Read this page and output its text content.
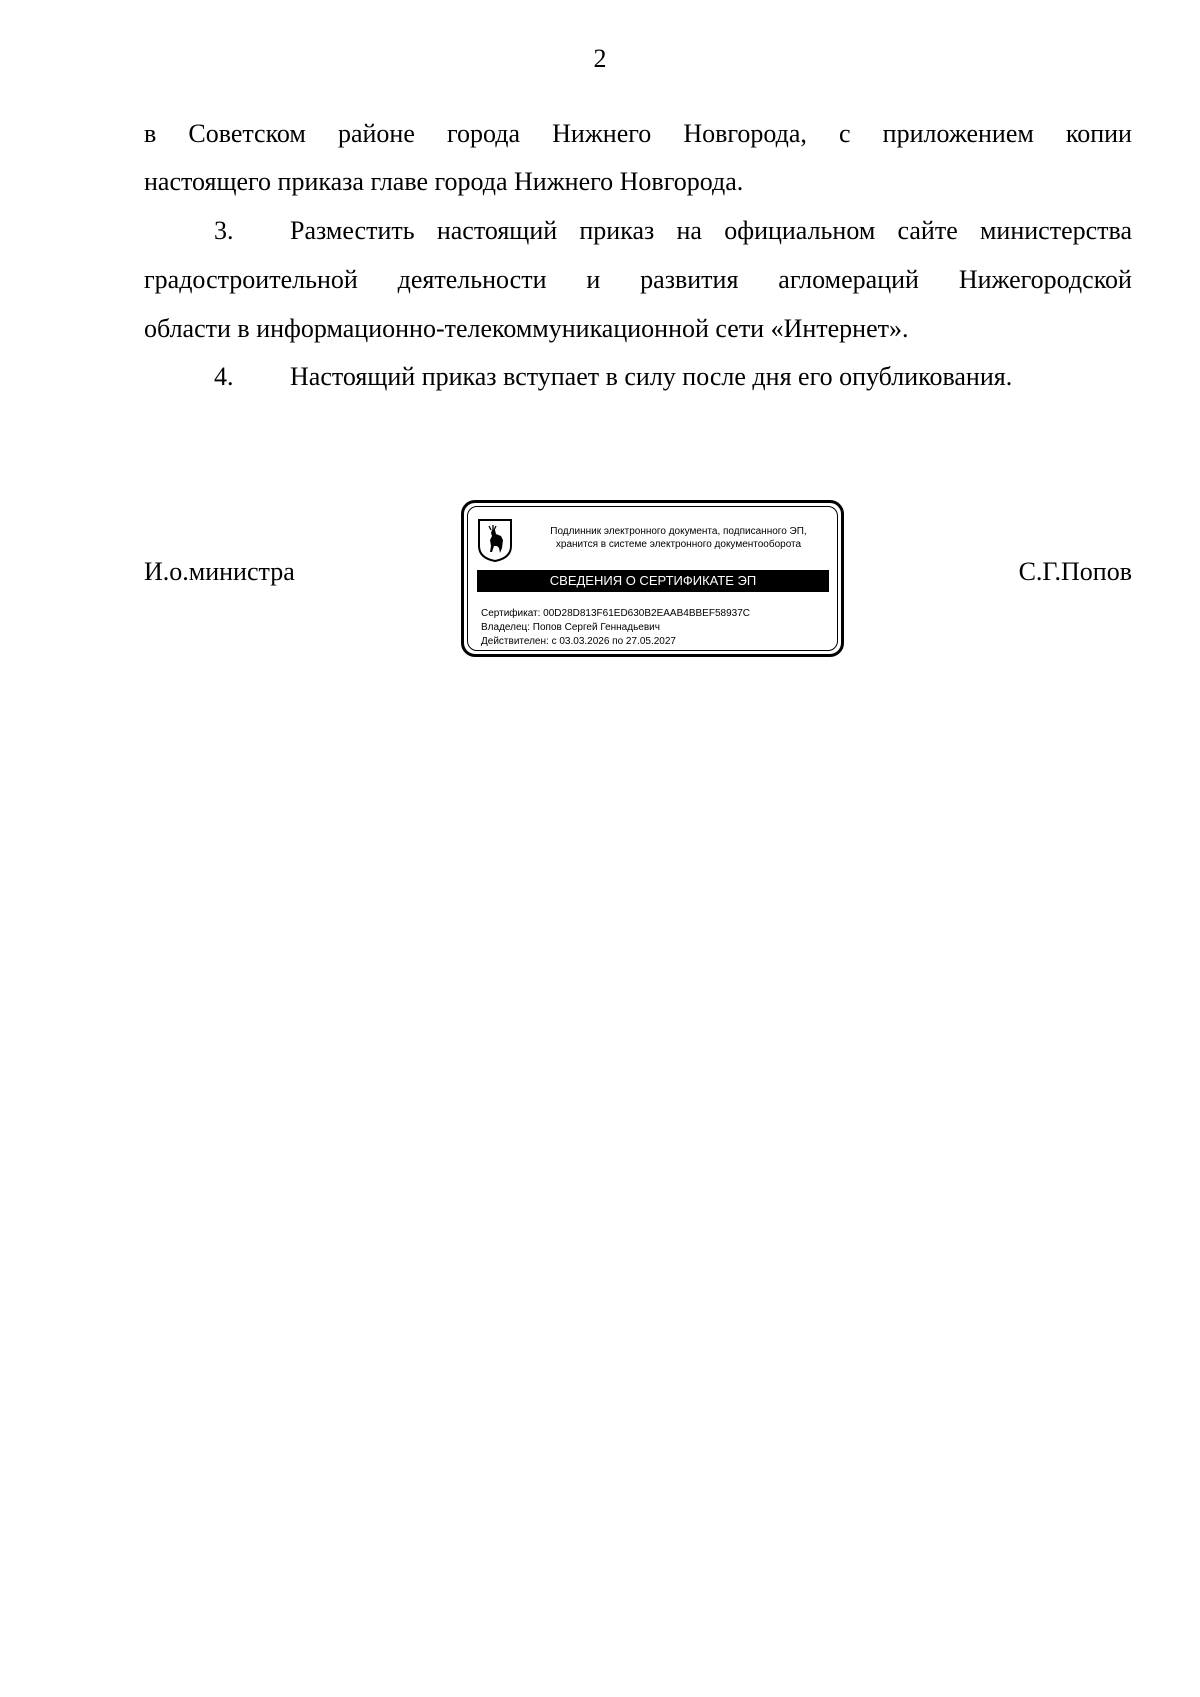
2
в Советском районе города Нижнего Новгорода, с приложением копии
настоящего приказа главе города Нижнего Новгорода.
3.	Разместить настоящий приказ на официальном сайте министерства
градостроительной деятельности и развития агломераций Нижегородской
области в информационно-телекоммуникационной сети «Интернет».
4. Настоящий приказ вступает в силу после дня его опубликования.
И.о.министра	С.Г.Попов
Подлинник электронного документа, подписанного ЭП,
хранится в системе электронного документооборота
СВЕДЕНИЯ О СЕРТИФИКАТЕ ЭП
Сертификат: 00D28D813F61ED630B2EAAB4BBEF58937C
Владелец: Попов Сергей Геннадьевич
Действителен: с 03.03.2026 по 27.05.2027
